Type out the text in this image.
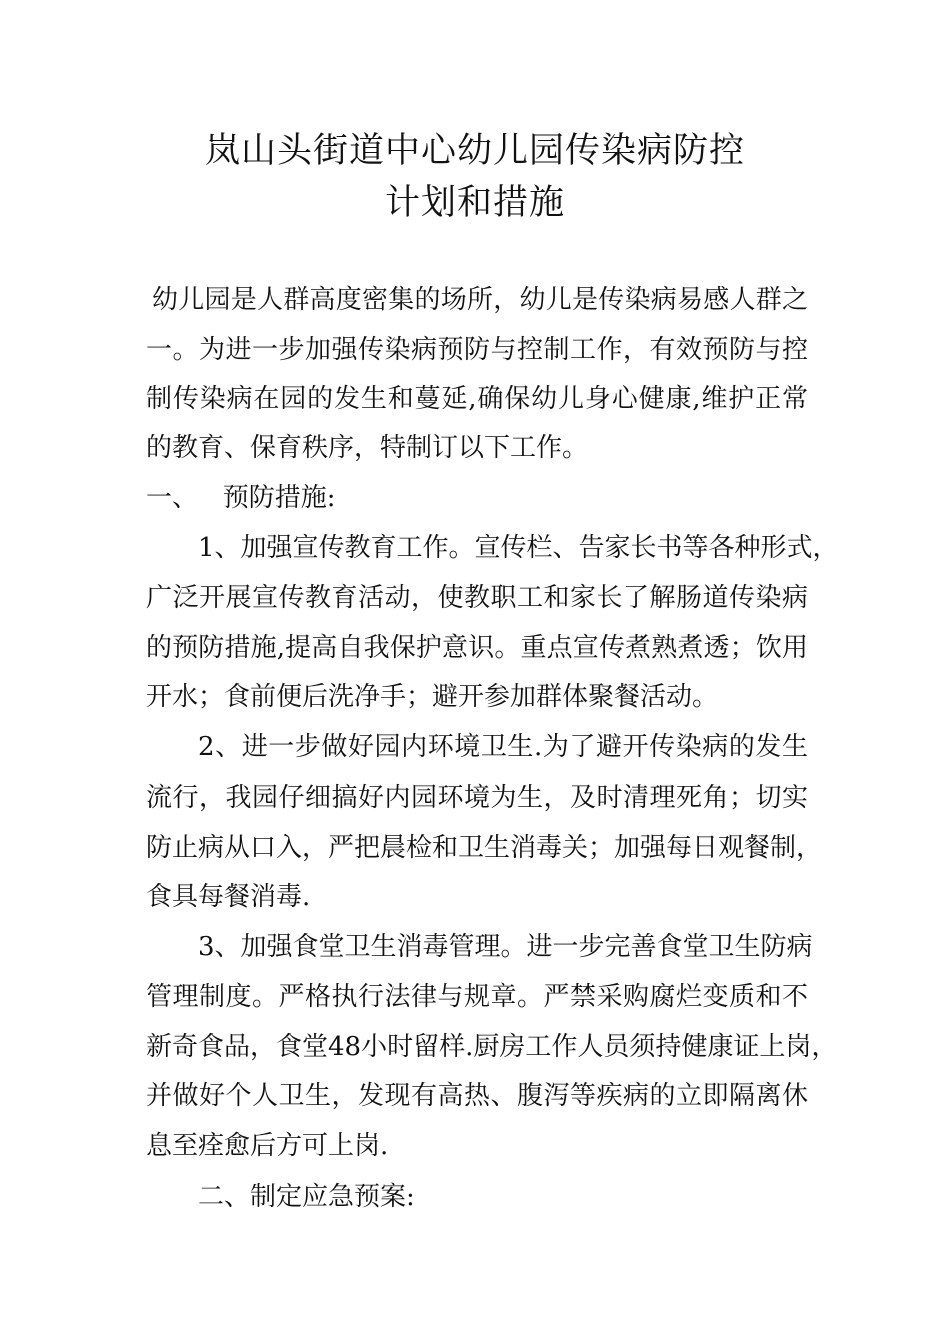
岚山头街道中心幼儿园传染病防控
计划和措施
幼儿园是人群高度密集的场所，幼儿是传染病易感人群之
一。为进一步加强传染病预防与控制工作，有效预防与控
制传染病在园的发生和蔓延,确保幼儿身心健康,维护正常
的教育、保育秩序，特制订以下工作。
一、   预防措施:
1、加强宣传教育工作。宣传栏、告家长书等各种形式，
广泛开展宣传教育活动，使教职工和家长了解肠道传染病
的预防措施,提高自我保护意识。重点宣传煮熟煮透；饮用
开水；食前便后洗净手；避开参加群体聚餐活动。
2、进一步做好园内环境卫生.为了避开传染病的发生
流行，我园仔细搞好内园环境为生，及时清理死角；切实
防止病从口入，严把晨检和卫生消毒关；加强每日观餐制，
食具每餐消毒.
3、加强食堂卫生消毒管理。进一步完善食堂卫生防病
管理制度。严格执行法律与规章。严禁采购腐烂变质和不
新奇食品，食堂48小时留样.厨房工作人员须持健康证上岗，
并做好个人卫生，发现有高热、腹泻等疾病的立即隔离休
息至痊愈后方可上岗.
二、制定应急预案:
